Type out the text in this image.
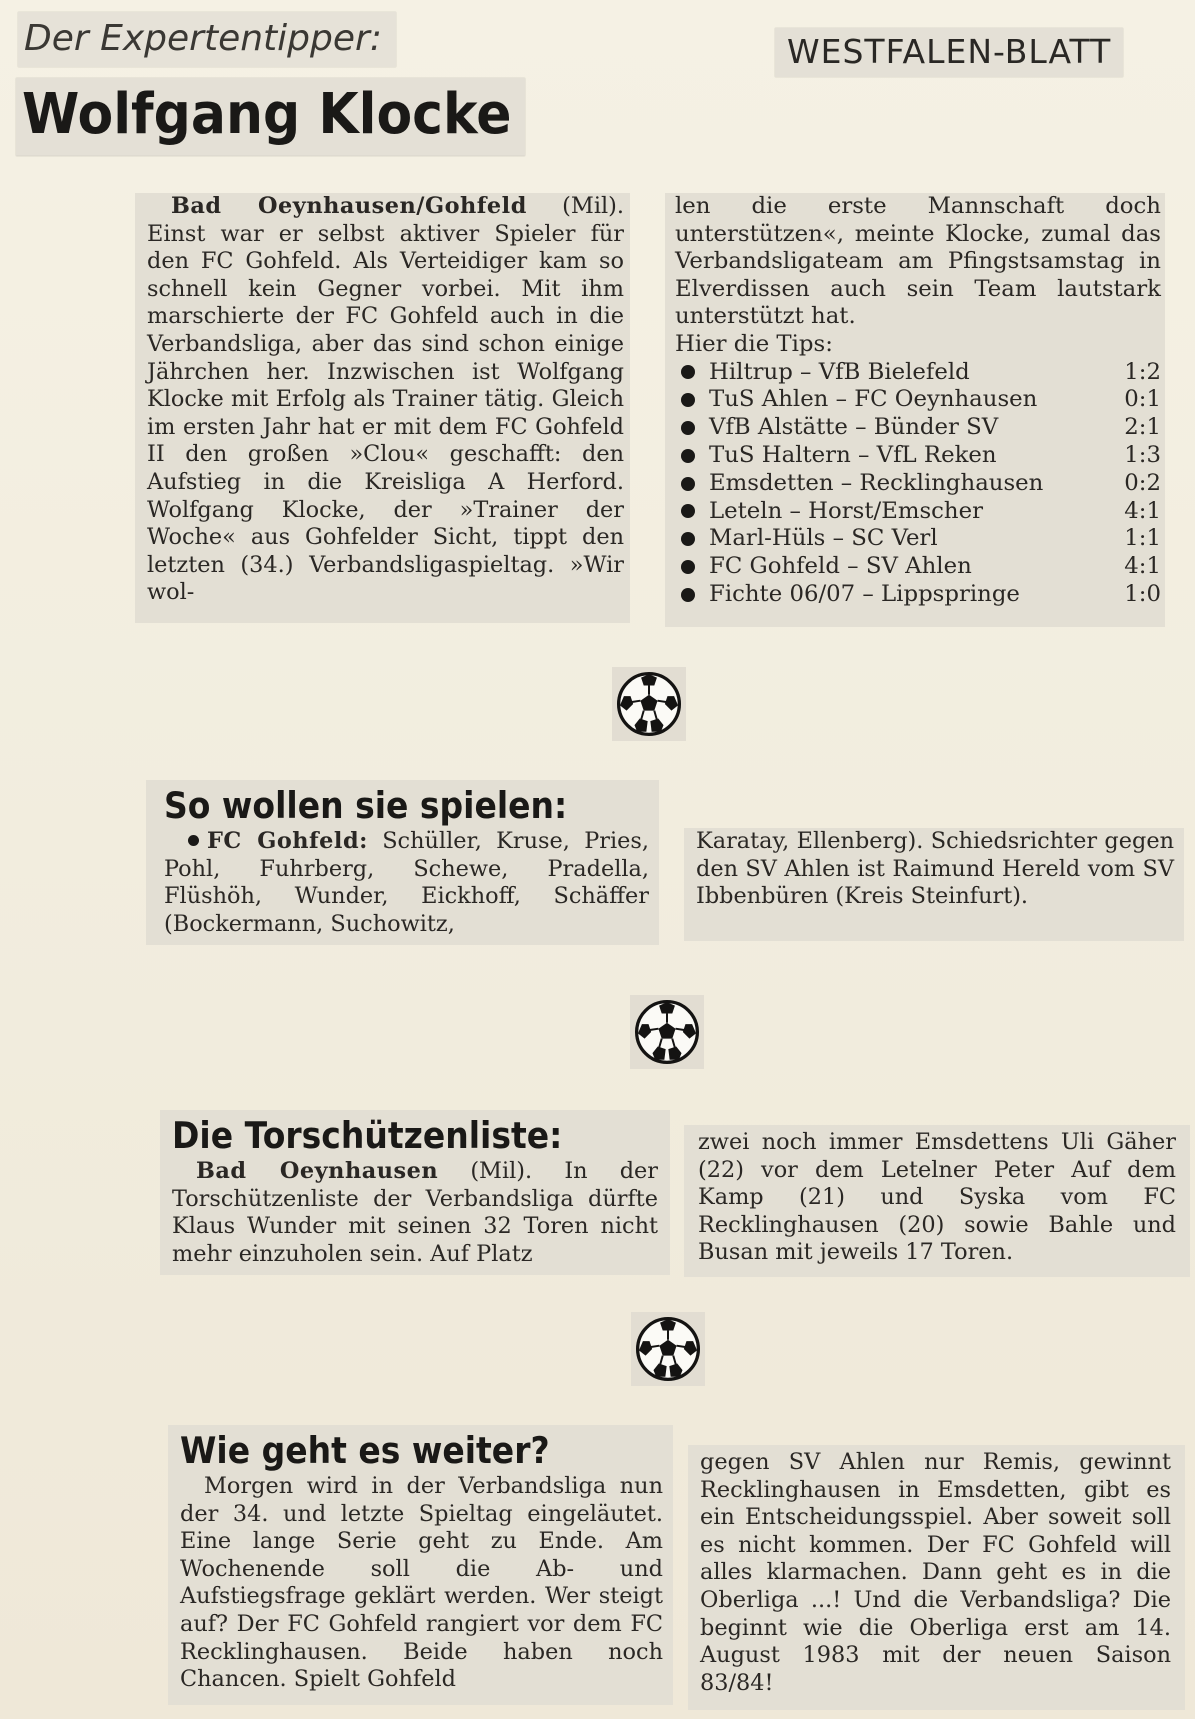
Der Expertentipper:	WESTFALEN-BLATT
Wolfgang Klocke

Bad Oeynhausen/Gohfeld (Mil). Einst war er selbst aktiver Spieler für den FC Gohfeld. Als Verteidiger kam so schnell kein Gegner vorbei. Mit ihm marschierte der FC Gohfeld auch in die Verbandsliga, aber das sind schon einige Jährchen her. Inzwischen ist Wolfgang Klocke mit Erfolg als Trainer tätig. Gleich im ersten Jahr hat er mit dem FC Gohfeld II den großen »Clou« geschafft: den Aufstieg in die Kreisliga A Herford. Wolfgang Klocke, der »Trainer der Woche« aus Gohfelder Sicht, tippt den letzten (34.) Verbandsligaspieltag. »Wir wol-

len die erste Mannschaft doch unterstützen«, meinte Klocke, zumal das Verbandsligateam am Pfingstsamstag in Elverdissen auch sein Team lautstark unterstützt hat.

Hier die Tips:

Hiltrup – VfB Bielefeld	1:2
TuS Ahlen – FC Oeynhausen	0:1
VfB Alstätte – Bünder SV	2:1
TuS Haltern – VfL Reken	1:3
Emsdetten – Recklinghausen	0:2
Leteln – Horst/Emscher	4:1
Marl-Hüls – SC Verl	1:1
FC Gohfeld – SV Ahlen	4:1
Fichte 06/07 – Lippspringe	1:0
So wollen sie spielen:

FC Gohfeld: Schüller, Kruse, Pries, Pohl, Fuhrberg, Schewe, Pradella, Flüshöh, Wunder, Eickhoff, Schäffer (Bockermann, Suchowitz,

Karatay, Ellenberg). Schiedsrichter gegen den SV Ahlen ist Raimund Hereld vom SV Ibbenbüren (Kreis Steinfurt).

Die Torschützenliste:

Bad Oeynhausen (Mil). In der Torschützenliste der Verbandsliga dürfte Klaus Wunder mit seinen 32 Toren nicht mehr einzuholen sein. Auf Platz

zwei noch immer Emsdettens Uli Gäher (22) vor dem Letelner Peter Auf dem Kamp (21) und Syska vom FC Recklinghausen (20) sowie Bahle und Busan mit jeweils 17 Toren.

Wie geht es weiter?

Morgen wird in der Verbandsliga nun der 34. und letzte Spieltag eingeläutet. Eine lange Serie geht zu Ende. Am Wochenende soll die Ab- und Aufstiegsfrage geklärt werden. Wer steigt auf? Der FC Gohfeld rangiert vor dem FC Recklinghausen. Beide haben noch Chancen. Spielt Gohfeld

gegen SV Ahlen nur Remis, gewinnt Recklinghausen in Emsdetten, gibt es ein Entscheidungsspiel. Aber soweit soll es nicht kommen. Der FC Gohfeld will alles klarmachen. Dann geht es in die Oberliga ...! Und die Verbandsliga? Die beginnt wie die Oberliga erst am 14. August 1983 mit der neuen Saison 83/84!
